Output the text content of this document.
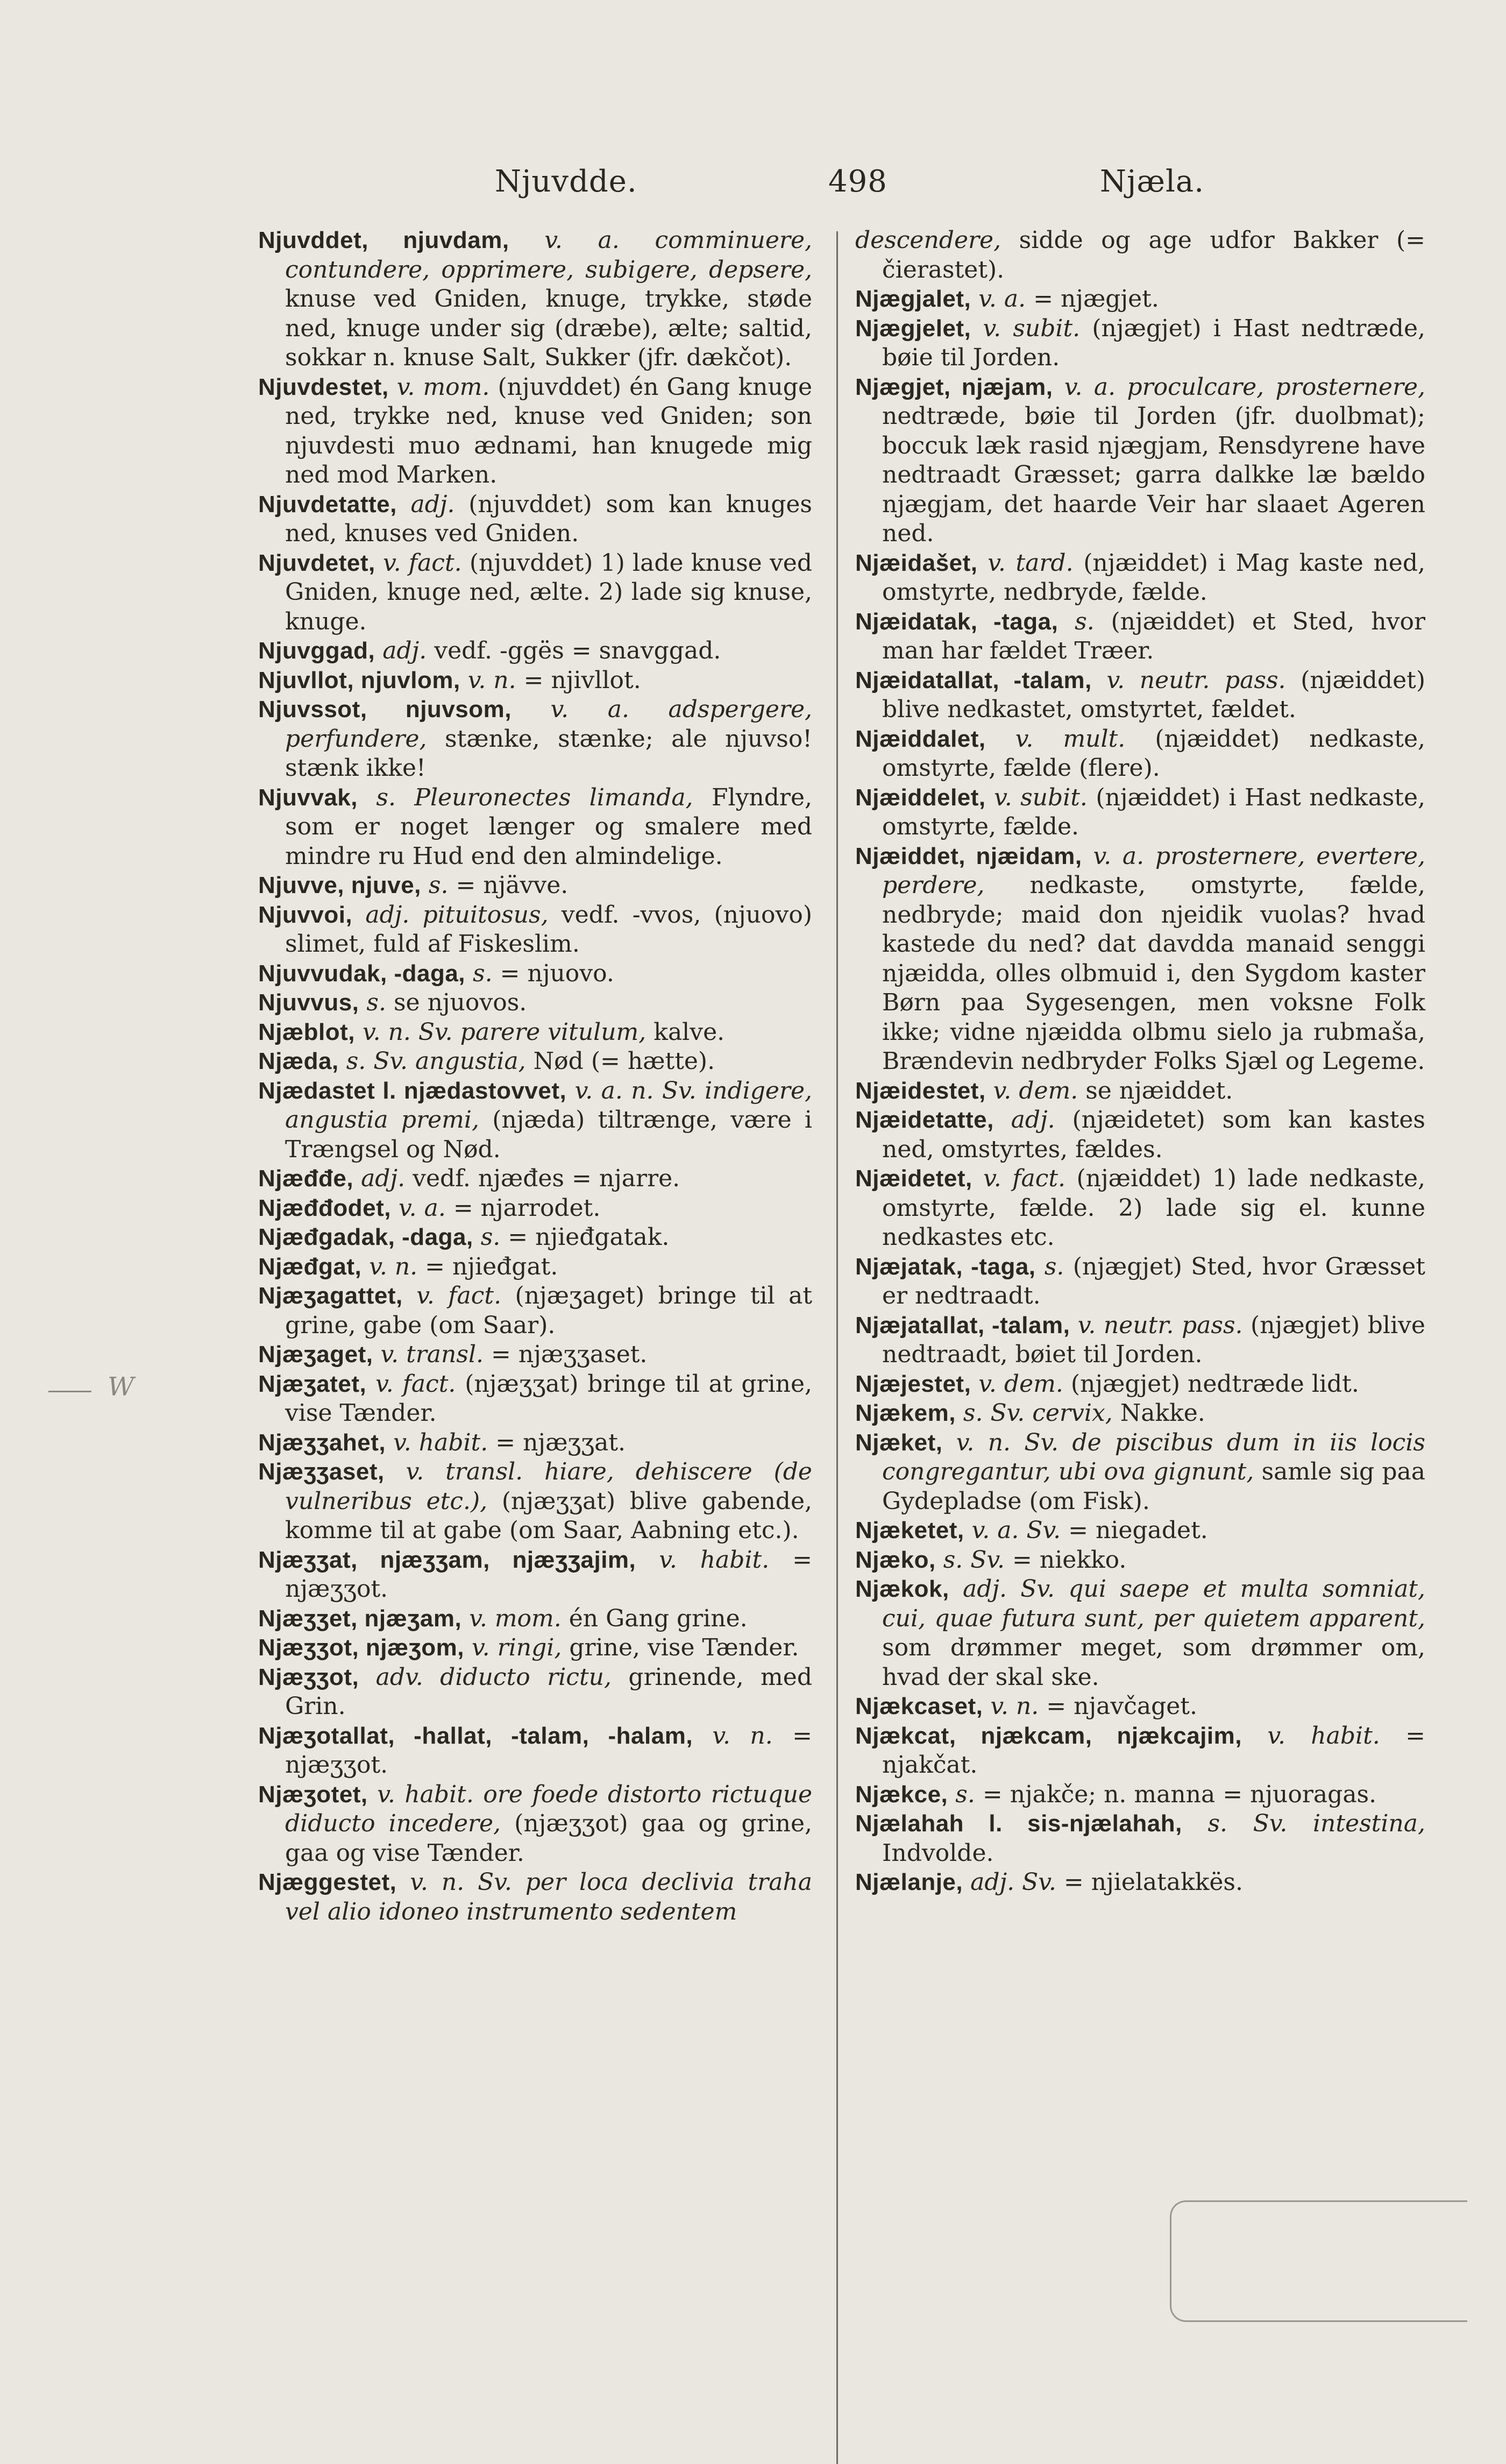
Njuvdde.	498	Njæla.

Njuvddet, njuvdam, v. a. comminuere, contundere, opprimere, subigere, depsere, knuse ved Gniden, knuge, trykke, støde ned, knuge under sig (dræbe), ælte; saltid, sokkar n. knuse Salt, Sukker (jfr. dækčot).

Njuvdestet, v. mom. (njuvddet) én Gang knuge ned, trykke ned, knuse ved Gniden; son njuvdesti muo ædnami, han knugede mig ned mod Marken.

Njuvdetatte, adj. (njuvddet) som kan knuges ned, knuses ved Gniden.

Njuvdetet, v. fact. (njuvddet) 1) lade knuse ved Gniden, knuge ned, ælte. 2) lade sig knuse, knuge.

Njuvggad, adj. vedf. -ggës = snavggad.

Njuvllot, njuvlom, v. n. = njivllot.

Njuvssot, njuvsom, v. a. adspergere, perfundere, stænke, stænke; ale njuvso! stænk ikke!

Njuvvak, s. Pleuronectes limanda, Flyndre, som er noget længer og smalere med mindre ru Hud end den almindelige.

Njuvve, njuve, s. = njävve.

Njuvvoi, adj. pituitosus, vedf. -vvos, (njuovo) slimet, fuld af Fiskeslim.

Njuvvudak, -daga, s. = njuovo.

Njuvvus, s. se njuovos.

Njæblot, v. n. Sv. parere vitulum, kalve.

Njæda, s. Sv. angustia, Nød (= hætte).

Njædastet l. njædastovvet, v. a. n. Sv. indigere, angustia premi, (njæda) tiltrænge, være i Trængsel og Nød.

Njæđđe, adj. vedf. njæđes = njarre.

Njæđđodet, v. a. = njarrodet.

Njæđgadak, -daga, s. = njieđgatak.

Njæđgat, v. n. = njieđgat.

Njæʒagattet, v. fact. (njæʒaget) bringe til at grine, gabe (om Saar).

Njæʒaget, v. transl. = njæʒʒaset.

Njæʒatet, v. fact. (njæʒʒat) bringe til at grine, vise Tænder.

Njæʒʒahet, v. habit. = njæʒʒat.

Njæʒʒaset, v. transl. hiare, dehiscere (de vulneribus etc.), (njæʒʒat) blive gabende, komme til at gabe (om Saar, Aabning etc.).

Njæʒʒat, njæʒʒam, njæʒʒajim, v. habit. = njæʒʒot.

Njæʒʒet, njæʒam, v. mom. én Gang grine.

Njæʒʒot, njæʒom, v. ringi, grine, vise Tænder.

Njæʒʒot, adv. diducto rictu, grinende, med Grin.

Njæʒotallat, -hallat, -talam, -halam, v. n. = njæʒʒot.

Njæʒotet, v. habit. ore foede distorto rictuque diducto incedere, (njæʒʒot) gaa og grine, gaa og vise Tænder.

Njæggestet, v. n. Sv. per loca declivia traha vel alio idoneo instrumento sedentem

descendere, sidde og age udfor Bakker (= čierastet).

Njægjalet, v. a. = njægjet.

Njægjelet, v. subit. (njægjet) i Hast nedtræde, bøie til Jorden.

Njægjet, njæjam, v. a. proculcare, prosternere, nedtræde, bøie til Jorden (jfr. duolbmat); boccuk læk rasid njægjam, Rensdyrene have nedtraadt Græsset; garra dalkke læ bældo njægjam, det haarde Veir har slaaet Ageren ned.

Njæidašet, v. tard. (njæiddet) i Mag kaste ned, omstyrte, nedbryde, fælde.

Njæidatak, -taga, s. (njæiddet) et Sted, hvor man har fældet Træer.

Njæidatallat, -talam, v. neutr. pass. (njæiddet) blive nedkastet, omstyrtet, fældet.

Njæiddalet, v. mult. (njæiddet) nedkaste, omstyrte, fælde (flere).

Njæiddelet, v. subit. (njæiddet) i Hast nedkaste, omstyrte, fælde.

Njæiddet, njæidam, v. a. prosternere, evertere, perdere, nedkaste, omstyrte, fælde, nedbryde; maid don njeidik vuolas? hvad kastede du ned? dat davdda manaid senggi njæidda, olles olbmuid i, den Sygdom kaster Børn paa Sygesengen, men voksne Folk ikke; vidne njæidda olbmu sielo ja rubmaša, Brændevin nedbryder Folks Sjæl og Legeme.

Njæidestet, v. dem. se njæiddet.

Njæidetatte, adj. (njæidetet) som kan kastes ned, omstyrtes, fældes.

Njæidetet, v. fact. (njæiddet) 1) lade nedkaste, omstyrte, fælde. 2) lade sig el. kunne nedkastes etc.

Njæjatak, -taga, s. (njægjet) Sted, hvor Græsset er nedtraadt.

Njæjatallat, -talam, v. neutr. pass. (njægjet) blive nedtraadt, bøiet til Jorden.

Njæjestet, v. dem. (njægjet) nedtræde lidt.

Njækem, s. Sv. cervix, Nakke.

Njæket, v. n. Sv. de piscibus dum in iis locis congregantur, ubi ova gignunt, samle sig paa Gydepladse (om Fisk).

Njæketet, v. a. Sv. = niegadet.

Njæko, s. Sv. = niekko.

Njækok, adj. Sv. qui saepe et multa somniat, cui, quae futura sunt, per quietem apparent, som drømmer meget, som drømmer om, hvad der skal ske.

Njækcaset, v. n. = njavčaget.

Njækcat, njækcam, njækcajim, v. habit. = njakčat.

Njækce, s. = njakče; n. manna = njuoragas.

Njælahah l. sis-njælahah, s. Sv. intestina, Indvolde.

Njælanje, adj. Sv. = njielatakkës.

W
